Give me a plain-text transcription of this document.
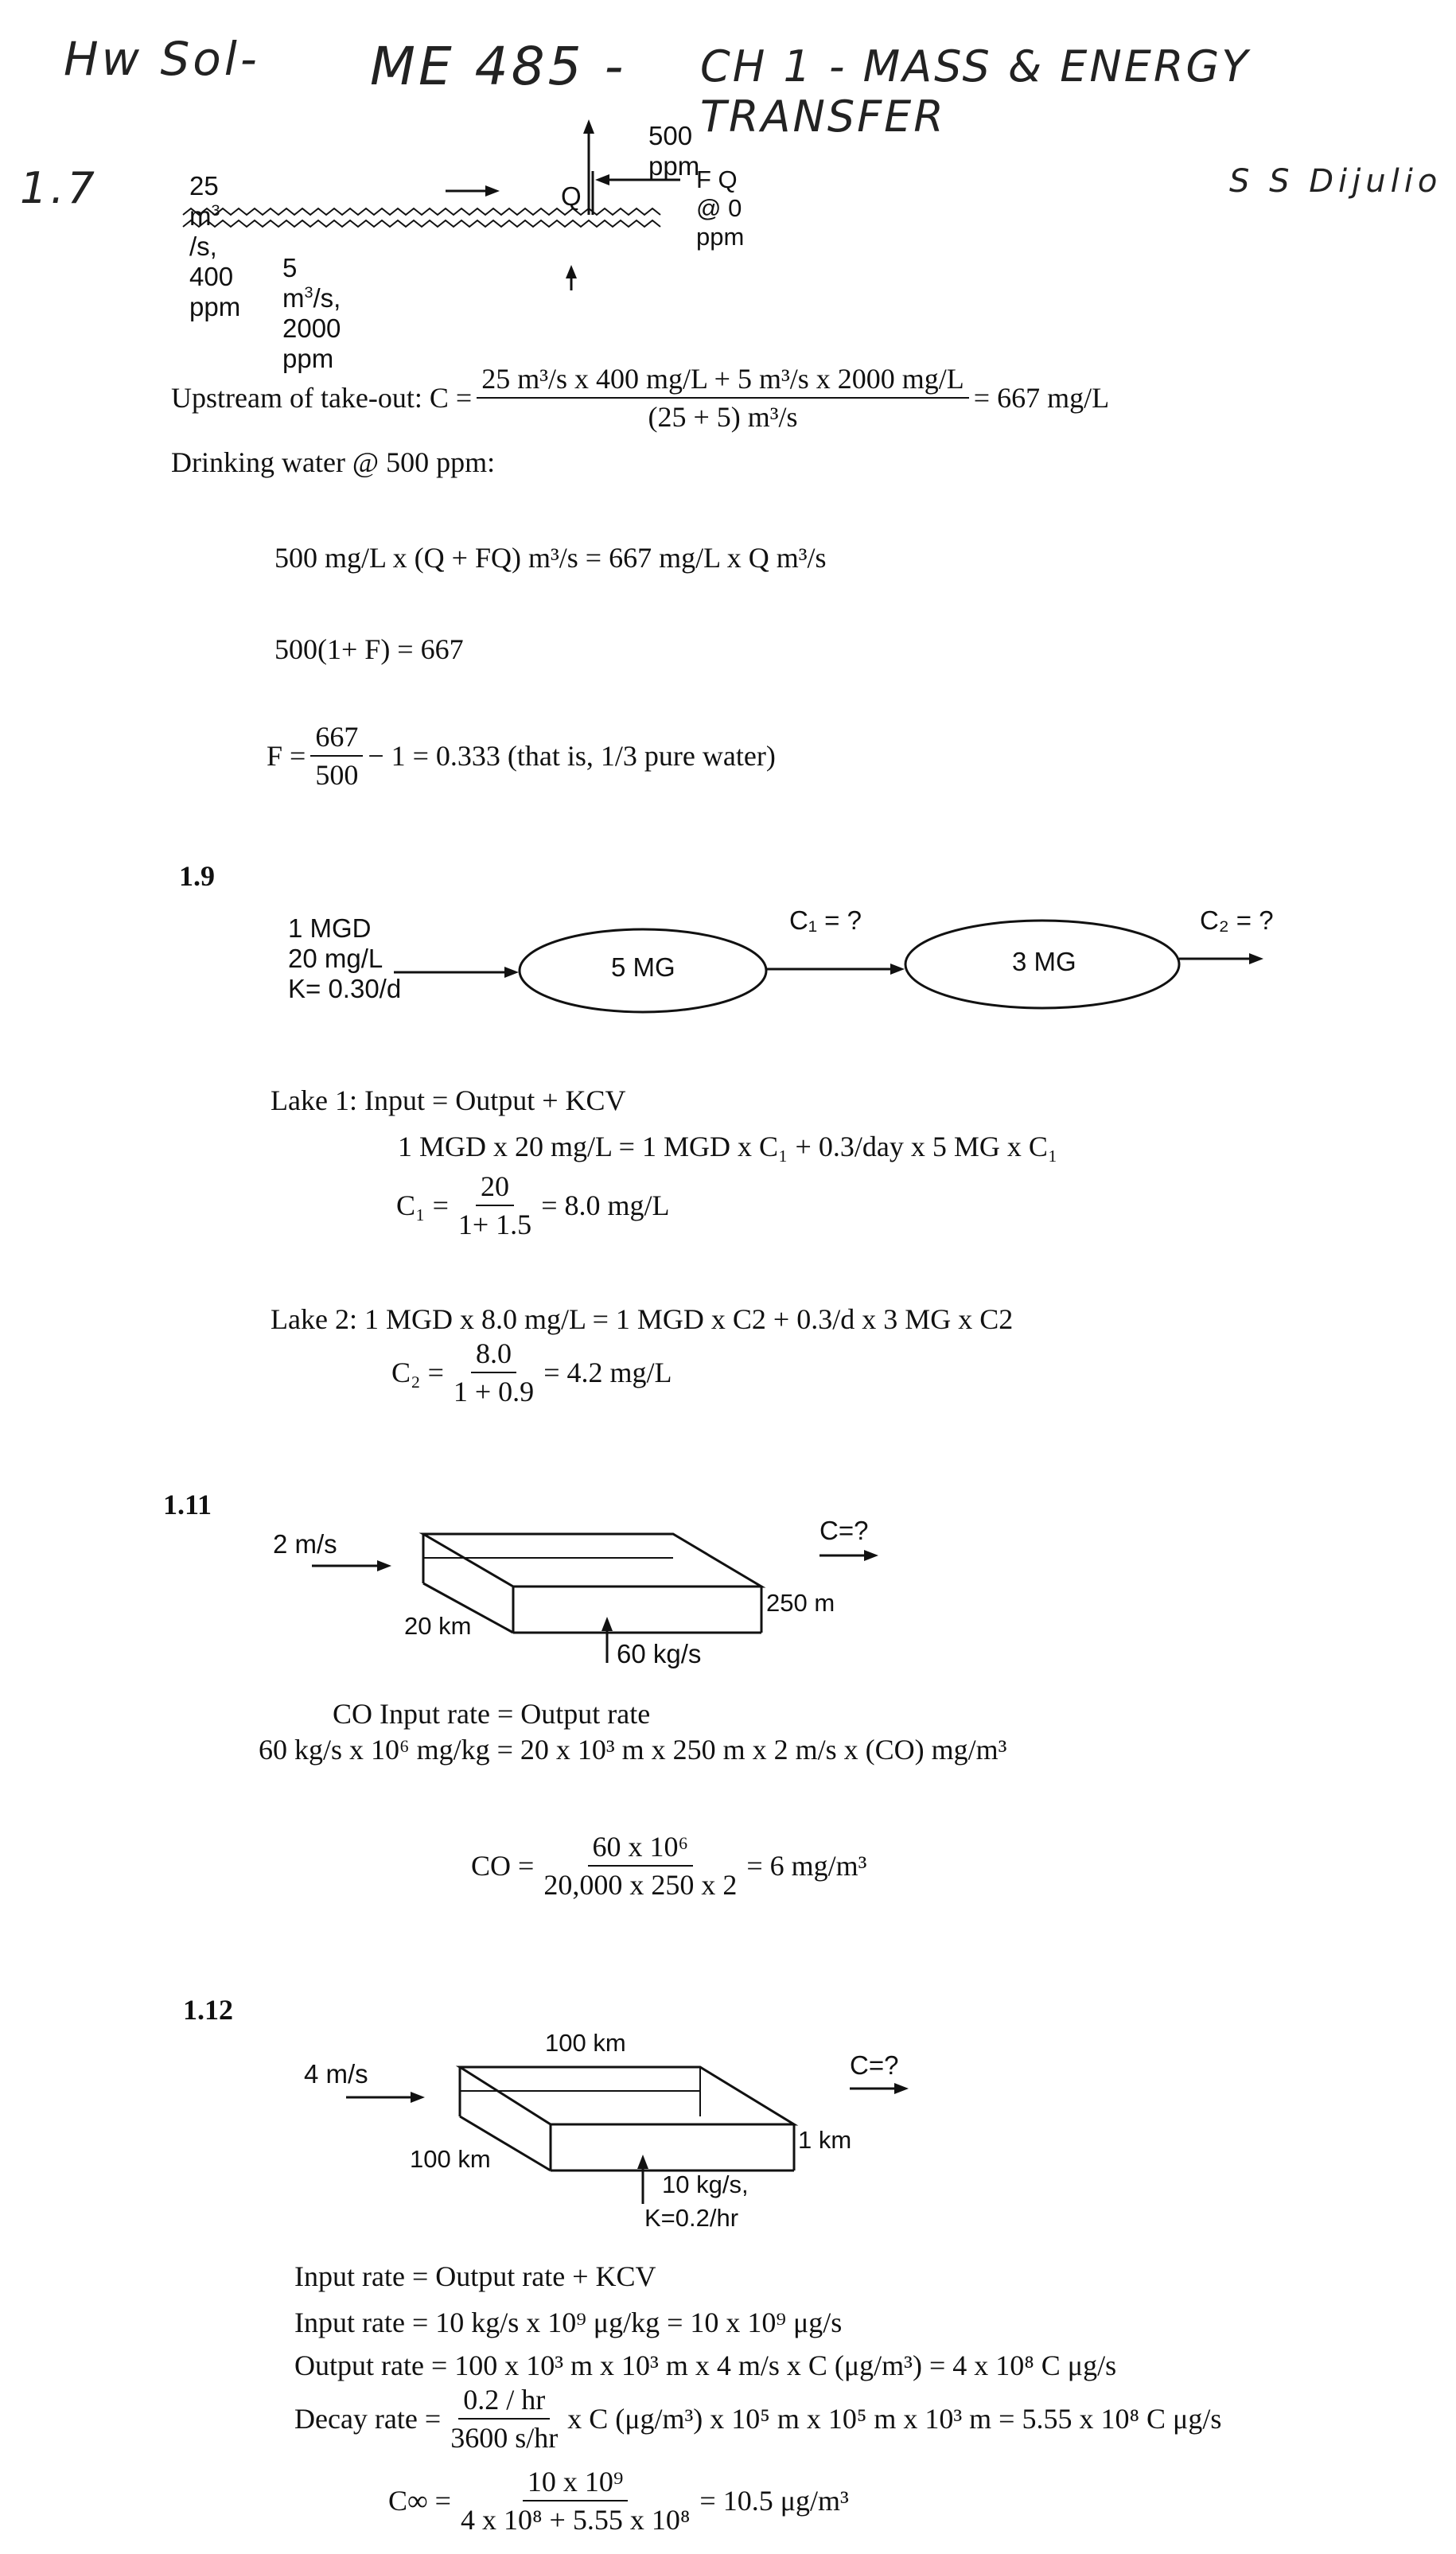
Hw Sol- ME 485 - CH 1 - MASS & ENERGY TRANSFER
S S Dijulio
1.7
500 ppm
25 $m^3$ /s, 400 ppm
Q
F Q @ 0 ppm
5 $m^3/s$, 2000 ppm
Upstream of take-out: $C = \frac{\text{25 m³/s x 400 mg/L + 5 m³/s x 2000 mg/L}}{\text{(25 + 5) m³/s}} = 667$ mg/L
Drinking water @ 500 ppm:
500 mg/L x (Q + FQ) m³/s = 667 mg/L x Q m³/s
500(1+ F) = 667
$F = \frac{667}{500} - 1 = 0.333$ (that is, 1/3 pure water)
1.9
1 MGD
20 mg/L
K= 0.30/d
5 MG	3 MG
C₁ = ?	C₂ = ?
Lake 1: Input = Output + KCV
1 MGD x 20 mg/L = 1 MGD x C₁ + 0.3/day x 5 MG x C₁
$C_1 = \frac{20}{1+ 1.5} = 8.0$ mg/L
Lake 2: 1 MGD x 8.0 mg/L = 1 MGD x C2 + 0.3/d x 3 MG x C2
$C_2 = \frac{8.0}{1 + 0.9} = 4.2$ mg/L
1.11
2 m/s	C=?
20 km
250 m
60 kg/s
CO Input rate = Output rate
60 kg/s x 10⁶ mg/kg = 20 x 10³ m x 250 m x 2 m/s x (CO) mg/m³
CO = $\frac{\text{60 x 10⁶}}{20,000 x 250 x 2} = 6$ mg/m³
1.12
4 m/s	C=?
100 km
100 km
1 km
10 kg/s,
K=0.2/hr
Input rate = Output rate + KCV
Input rate = 10 kg/s x 10⁹ μg/kg = 10 x 10⁹ μg/s
Output rate = 100 x 10³ m x 10³ m x 4 m/s x C (μg/m³) = 4 x 10⁸ C μg/s
Decay rate = $\frac{0.2 / hr}{3600 s/hr}$ x C (μg/m³) x 10⁵ m x 10⁵ m x 10³ m = 5.55 x 10⁸ C μg/s
$C\infty = \frac{\text{10 x 10⁹}}{\text{4 x 10⁸ + 5.55 x 10⁸}} = 10.5$ μg/m³
